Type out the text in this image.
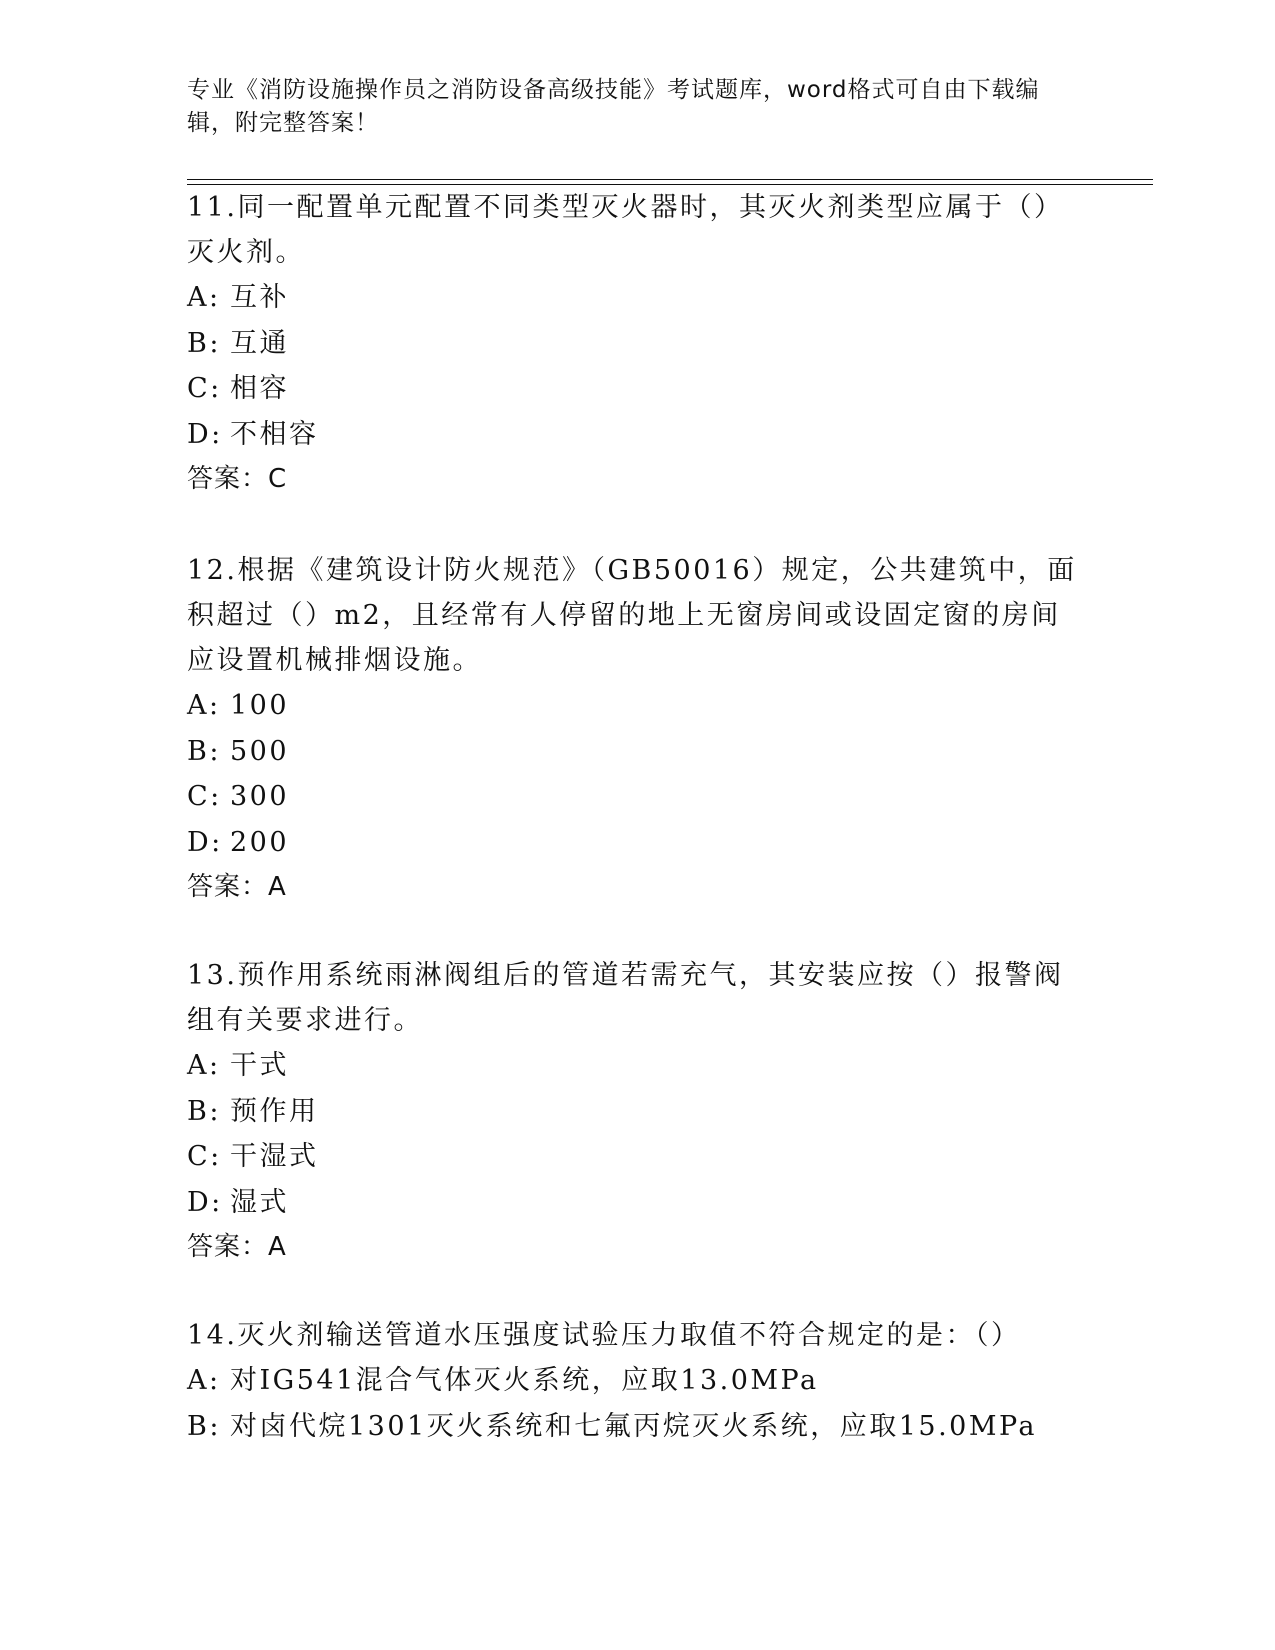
专业《消防设施操作员之消防设备高级技能》考试题库，word格式可自由下载编辑，附完整答案！

11.同一配置单元配置不同类型灭火器时，其灭火剂类型应属于（）灭火剂。

A: 互补
B: 互通
C: 相容
D: 不相容
答案：C

12.根据《建筑设计防火规范》（GB50016）规定，公共建筑中，面积超过（）m2，且经常有人停留的地上无窗房间或设固定窗的房间应设置机械排烟设施。

A: 100
B: 500
C: 300
D: 200
答案：A

13.预作用系统雨淋阀组后的管道若需充气，其安装应按（）报警阀组有关要求进行。

A: 干式
B: 预作用
C: 干湿式
D: 湿式
答案：A

14.灭火剂输送管道水压强度试验压力取值不符合规定的是：（）

A: 对IG541混合气体灭火系统，应取13.0MPa
B: 对卤代烷1301灭火系统和七氟丙烷灭火系统，应取15.0MPa
